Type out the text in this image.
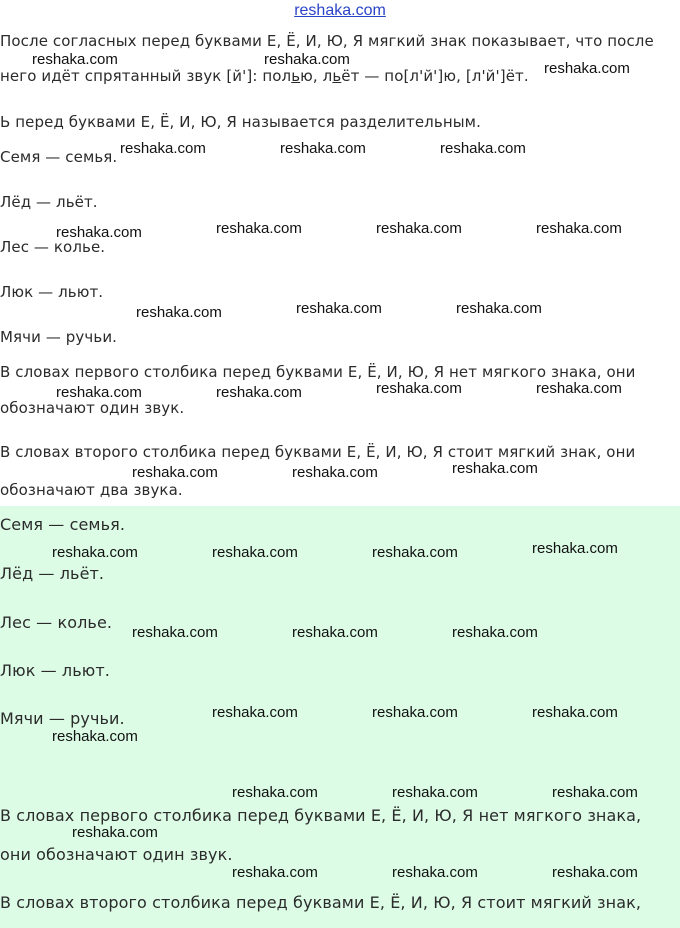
reshaka.com
После согласных перед буквами Е, Ё, И, Ю, Я мягкий знак показывает, что после
него идёт спрятанный звук [й']: полью, льёт — по[л'й']ю, [л'й']ёт.
Ь перед буквами Е, Ё, И, Ю, Я называется разделительным.
Семя — семья.
Лёд — льёт.
Лес — колье.
Люк — льют.
Мячи — ручьи.
В словах первого столбика перед буквами Е, Ё, И, Ю, Я нет мягкого знака, они
обозначают один звук.
В словах второго столбика перед буквами Е, Ё, И, Ю, Я стоит мягкий знак, они
обозначают два звука.
Семя — семья.
Лёд — льёт.
Лес — колье.
Люк — льют.
Мячи — ручьи.
В словах первого столбика перед буквами Е, Ё, И, Ю, Я нет мягкого знака,
они обозначают один звук.
В словах второго столбика перед буквами Е, Ё, И, Ю, Я стоит мягкий знак,
reshaka.com	reshaka.com
reshaka.com
reshaka.com	reshaka.com	reshaka.com
reshaka.com	reshaka.com	reshaka.com	reshaka.com
reshaka.com	reshaka.com	reshaka.com
reshaka.com	reshaka.com	reshaka.com	reshaka.com
reshaka.com	reshaka.com	reshaka.com
reshaka.com	reshaka.com	reshaka.com	reshaka.com
reshaka.com	reshaka.com	reshaka.com
reshaka.com	reshaka.com	reshaka.com
reshaka.com
reshaka.com	reshaka.com	reshaka.com
reshaka.com
reshaka.com	reshaka.com	reshaka.com
